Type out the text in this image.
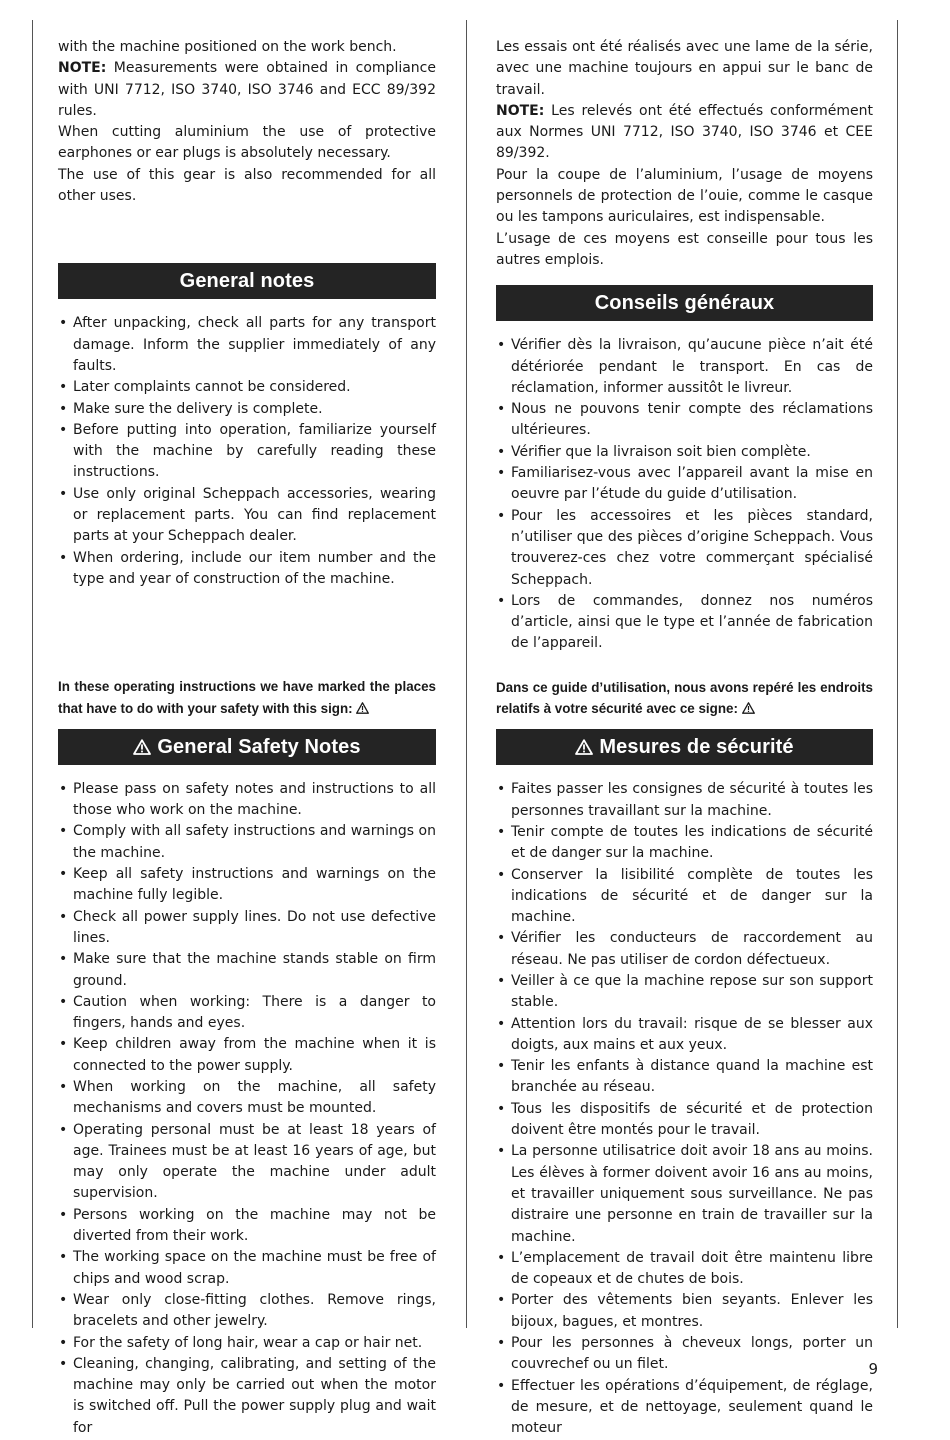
with the machine positioned on the work bench.

NOTE: Measurements were obtained in compliance with UNI 7712, ISO 3740, ISO 3746 and ECC 89/392 rules.

When cutting aluminium the use of protective earphones or ear plugs is absolutely necessary.

The use of this gear is also recommended for all other uses.

General notes
• After unpacking, check all parts for any transport damage. Inform the supplier immediately of any faults.
• Later complaints cannot be considered.
• Make sure the delivery is complete.
• Before putting into operation, familiarize yourself with the machine by carefully reading these instructions.
• Use only original Scheppach accessories, wearing or replacement parts. You can find replacement parts at your Scheppach dealer.
• When ordering, include our item number and the type and year of construction of the machine.

In these operating instructions we have marked the places that have to do with your safety with this sign:

General Safety Notes
• Please pass on safety notes and instructions to all those who work on the machine.
• Comply with all safety instructions and warnings on the machine.
• Keep all safety instructions and warnings on the machine fully legible.
• Check all power supply lines. Do not use defective lines.
• Make sure that the machine stands stable on firm ground.
• Caution when working: There is a danger to fingers, hands and eyes.
• Keep children away from the machine when it is connected to the power supply.
• When working on the machine, all safety mechanisms and covers must be mounted.
• Operating personal must be at least 18 years of age. Trainees must be at least 16 years of age, but may only operate the machine under adult supervision.
• Persons working on the machine may not be diverted from their work.
• The working space on the machine must be free of chips and wood scrap.
• Wear only close-fitting clothes. Remove rings, bracelets and other jewelry.
• For the safety of long hair, wear a cap or hair net.
• Cleaning, changing, calibrating, and setting of the machine may only be carried out when the motor is switched off. Pull the power supply plug and wait for

Les essais ont été réalisés avec une lame de la série, avec une machine toujours en appui sur le banc de travail.

NOTE: Les relevés ont été effectués conformément aux Normes UNI 7712, ISO 3740, ISO 3746 et CEE 89/392.

Pour la coupe de l’aluminium, l’usage de moyens personnels de protection de l’ouie, comme le casque ou les tampons auriculaires, est indispensable.

L’usage de ces moyens est conseille pour tous les autres emplois.

Conseils généraux
• Vérifier dès la livraison, qu’aucune pièce n’ait été détériorée pendant le transport. En cas de réclamation, informer aussitôt le livreur.
• Nous ne pouvons tenir compte des réclamations ultérieures.
• Vérifier que la livraison soit bien complète.
• Familiarisez-vous avec l’appareil avant la mise en oeuvre par l’étude du guide d’utilisation.
• Pour les accessoires et les pièces standard, n’utiliser que des pièces d’origine Scheppach. Vous trouverez-ces chez votre commerçant spécialisé Scheppach.
• Lors de commandes, donnez nos numéros d’article, ainsi que le type et l’année de fabrication de l’appareil.

Dans ce guide d’utilisation, nous avons repéré les endroits relatifs à votre sécurité avec ce signe:

Mesures de sécurité
• Faites passer les consignes de sécurité à toutes les personnes travaillant sur la machine.
• Tenir compte de toutes les indications de sécurité et de danger sur la machine.
• Conserver la lisibilité complète de toutes les indications de sécurité et de danger sur la machine.
• Vérifier les conducteurs de raccordement au réseau. Ne pas utiliser de cordon défectueux.
• Veiller à ce que la machine repose sur son support stable.
• Attention lors du travail: risque de se blesser aux doigts, aux mains et aux yeux.
• Tenir les enfants à distance quand la machine est branchée au réseau.
• Tous les dispositifs de sécurité et de protection doivent être montés pour le travail.
• La personne utilisatrice doit avoir 18 ans au moins. Les élèves à former doivent avoir 16 ans au moins, et travailler uniquement sous surveillance. Ne pas distraire une personne en train de travailler sur la machine.
• L’emplacement de travail doit être maintenu libre de copeaux et de chutes de bois.
• Porter des vêtements bien seyants. Enlever les bijoux, bagues, et montres.
• Pour les personnes à cheveux longs, porter un couvrechef ou un filet.
• Effectuer les opérations d’équipement, de réglage, de mesure, et de nettoyage, seulement quand le moteur
9
